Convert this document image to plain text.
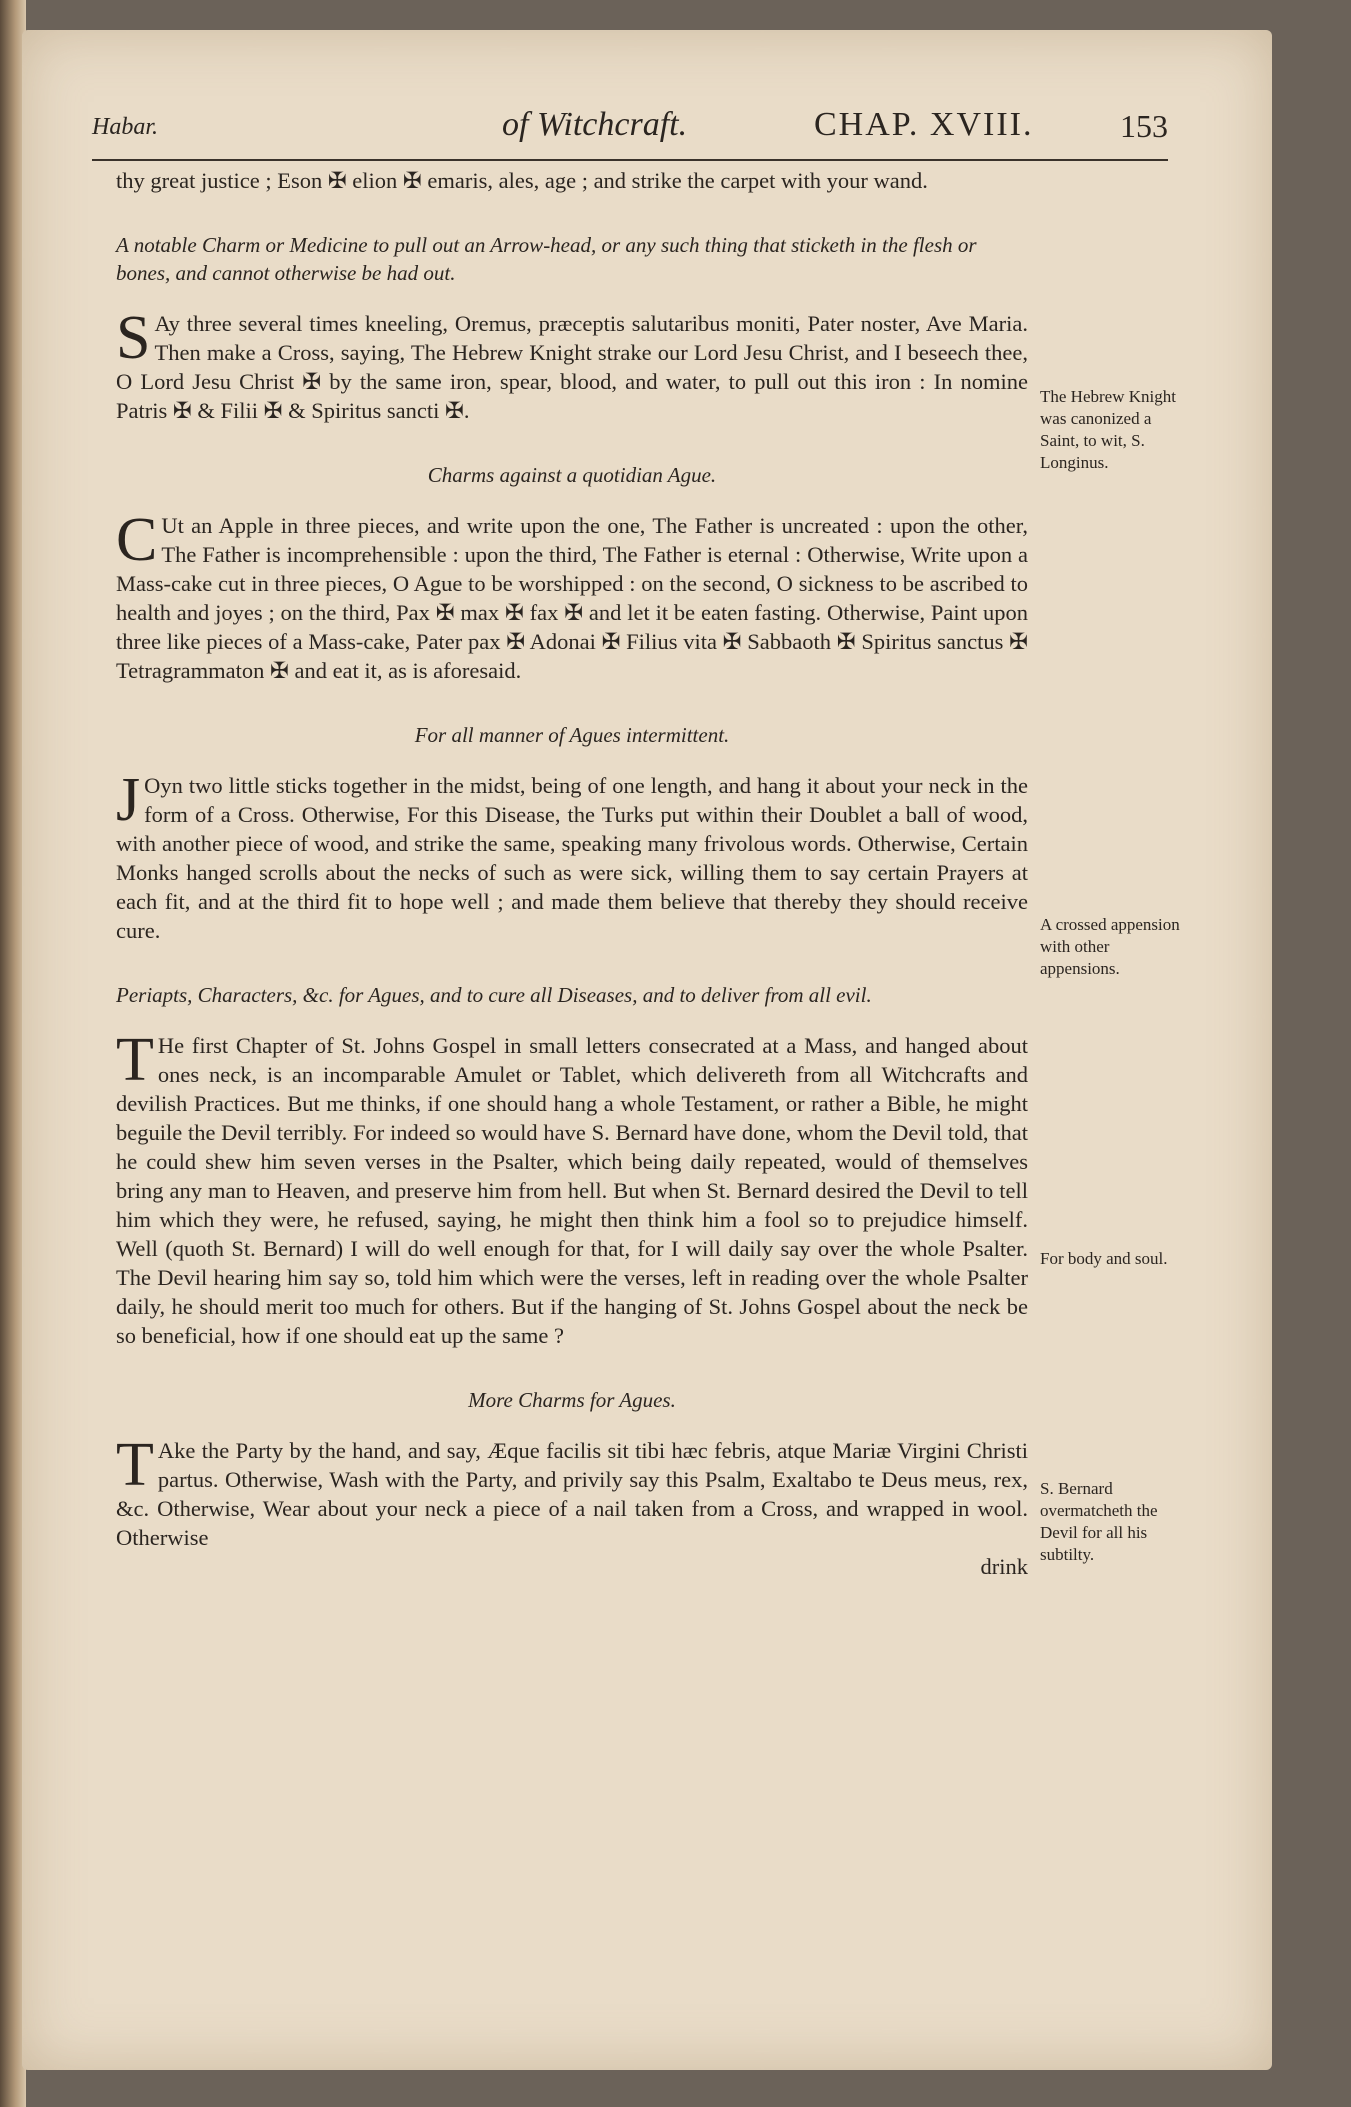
Habar.	of Witchcraft.	CHAP. XVIII.	153

thy great justice ; Eson ✠ elion ✠ emaris, ales, age ; and strike the carpet with your wand.

A notable Charm or Medicine to pull out an Arrow-head, or any such thing that sticketh in the flesh or bones, and cannot otherwise be had out.

S Ay three several times kneeling, Oremus, præceptis salutaribus moniti, Pater noster, Ave Maria. Then make a Cross, saying, The Hebrew Knight strake our Lord Jesu Christ, and I beseech thee, O Lord Jesu Christ ✠ by the same iron, spear, blood, and water, to pull out this iron : In nomine Patris ✠ & Filii ✠ & Spiritus sancti ✠.

Charms against a quotidian Ague.

C Ut an Apple in three pieces, and write upon the one, The Father is uncreated : upon the other, The Father is incomprehensible : upon the third, The Father is eternal : Otherwise, Write upon a Mass-cake cut in three pieces, O Ague to be worshipped : on the second, O sickness to be ascribed to health and joyes ; on the third, Pax ✠ max ✠ fax ✠ and let it be eaten fasting. Otherwise, Paint upon three like pieces of a Mass-cake, Pater pax ✠ Adonai ✠ Filius vita ✠ Sabbaoth ✠ Spiritus sanctus ✠ Tetragrammaton ✠ and eat it, as is aforesaid.

For all manner of Agues intermittent.

J Oyn two little sticks together in the midst, being of one length, and hang it about your neck in the form of a Cross. Otherwise, For this Disease, the Turks put within their Doublet a ball of wood, with another piece of wood, and strike the same, speaking many frivolous words. Otherwise, Certain Monks hanged scrolls about the necks of such as were sick, willing them to say certain Prayers at each fit, and at the third fit to hope well ; and made them believe that thereby they should receive cure.

Periapts, Characters, &c. for Agues, and to cure all Diseases, and to deliver from all evil.

T He first Chapter of St. Johns Gospel in small letters consecrated at a Mass, and hanged about ones neck, is an incomparable Amulet or Tablet, which delivereth from all Witchcrafts and devilish Practices. But me thinks, if one should hang a whole Testament, or rather a Bible, he might beguile the Devil terribly. For indeed so would have S. Bernard have done, whom the Devil told, that he could shew him seven verses in the Psalter, which being daily repeated, would of themselves bring any man to Heaven, and preserve him from hell. But when St. Bernard desired the Devil to tell him which they were, he refused, saying, he might then think him a fool so to prejudice himself. Well (quoth St. Bernard) I will do well enough for that, for I will daily say over the whole Psalter. The Devil hearing him say so, told him which were the verses, left in reading over the whole Psalter daily, he should merit too much for others. But if the hanging of St. Johns Gospel about the neck be so beneficial, how if one should eat up the same ?

More Charms for Agues.

T Ake the Party by the hand, and say, Æque facilis sit tibi hæc febris, atque Mariæ Virgini Christi partus. Otherwise, Wash with the Party, and privily say this Psalm, Exaltabo te Deus meus, rex, &c. Otherwise, Wear about your neck a piece of a nail taken from a Cross, and wrapped in wool. Otherwise

drink

The Hebrew Knight was canonized a Saint, to wit, S. Longinus.
A crossed appension with other appensions.
For body and soul.
S. Bernard overmatcheth the Devil for all his subtilty.
